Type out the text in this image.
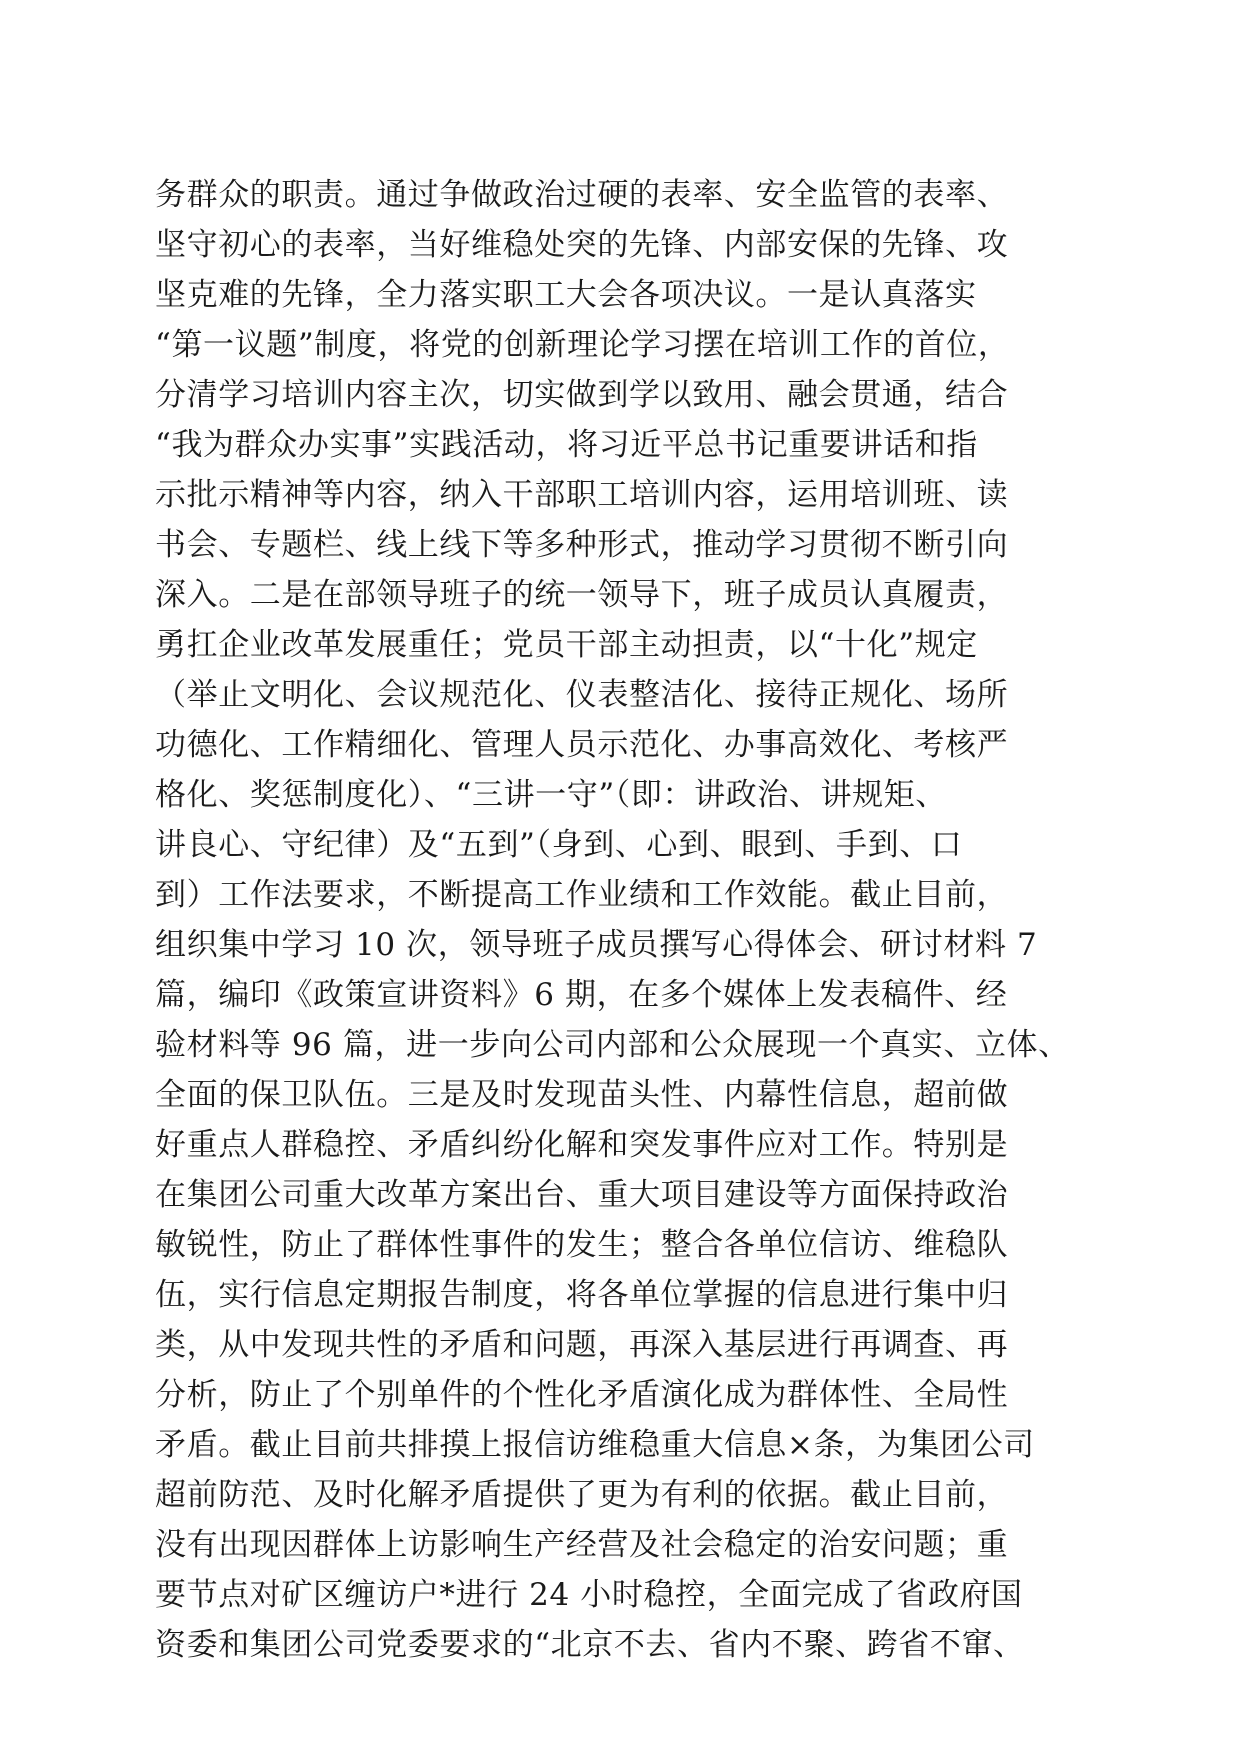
务群众的职责。通过争做政治过硬的表率、安全监管的表率、
坚守初心的表率，当好维稳处突的先锋、内部安保的先锋、攻
坚克难的先锋，全力落实职工大会各项决议。一是认真落实
“第一议题”制度，将党的创新理论学习摆在培训工作的首位，
分清学习培训内容主次，切实做到学以致用、融会贯通，结合
“我为群众办实事”实践活动，将习近平总书记重要讲话和指
示批示精神等内容，纳入干部职工培训内容，运用培训班、读
书会、专题栏、线上线下等多种形式，推动学习贯彻不断引向
深入。二是在部领导班子的统一领导下，班子成员认真履责，
勇扛企业改革发展重任；党员干部主动担责，以“十化”规定
（举止文明化、会议规范化、仪表整洁化、接待正规化、场所
功德化、工作精细化、管理人员示范化、办事高效化、考核严
格化、奖惩制度化）、“三讲一守”（即：讲政治、讲规矩、
讲良心、守纪律）及“五到”（身到、心到、眼到、手到、口
到）工作法要求，不断提高工作业绩和工作效能。截止目前，
组织集中学习 10 次，领导班子成员撰写心得体会、研讨材料 7
篇，编印《政策宣讲资料》6 期，在多个媒体上发表稿件、经
验材料等 96 篇，进一步向公司内部和公众展现一个真实、立体、
全面的保卫队伍。三是及时发现苗头性、内幕性信息，超前做
好重点人群稳控、矛盾纠纷化解和突发事件应对工作。特别是
在集团公司重大改革方案出台、重大项目建设等方面保持政治
敏锐性，防止了群体性事件的发生；整合各单位信访、维稳队
伍，实行信息定期报告制度，将各单位掌握的信息进行集中归
类，从中发现共性的矛盾和问题，再深入基层进行再调查、再
分析，防止了个别单件的个性化矛盾演化成为群体性、全局性
矛盾。截止目前共排摸上报信访维稳重大信息×条，为集团公司
超前防范、及时化解矛盾提供了更为有利的依据。截止目前，
没有出现因群体上访影响生产经营及社会稳定的治安问题；重
要节点对矿区缠访户*进行 24 小时稳控，全面完成了省政府国
资委和集团公司党委要求的“北京不去、省内不聚、跨省不窜、
